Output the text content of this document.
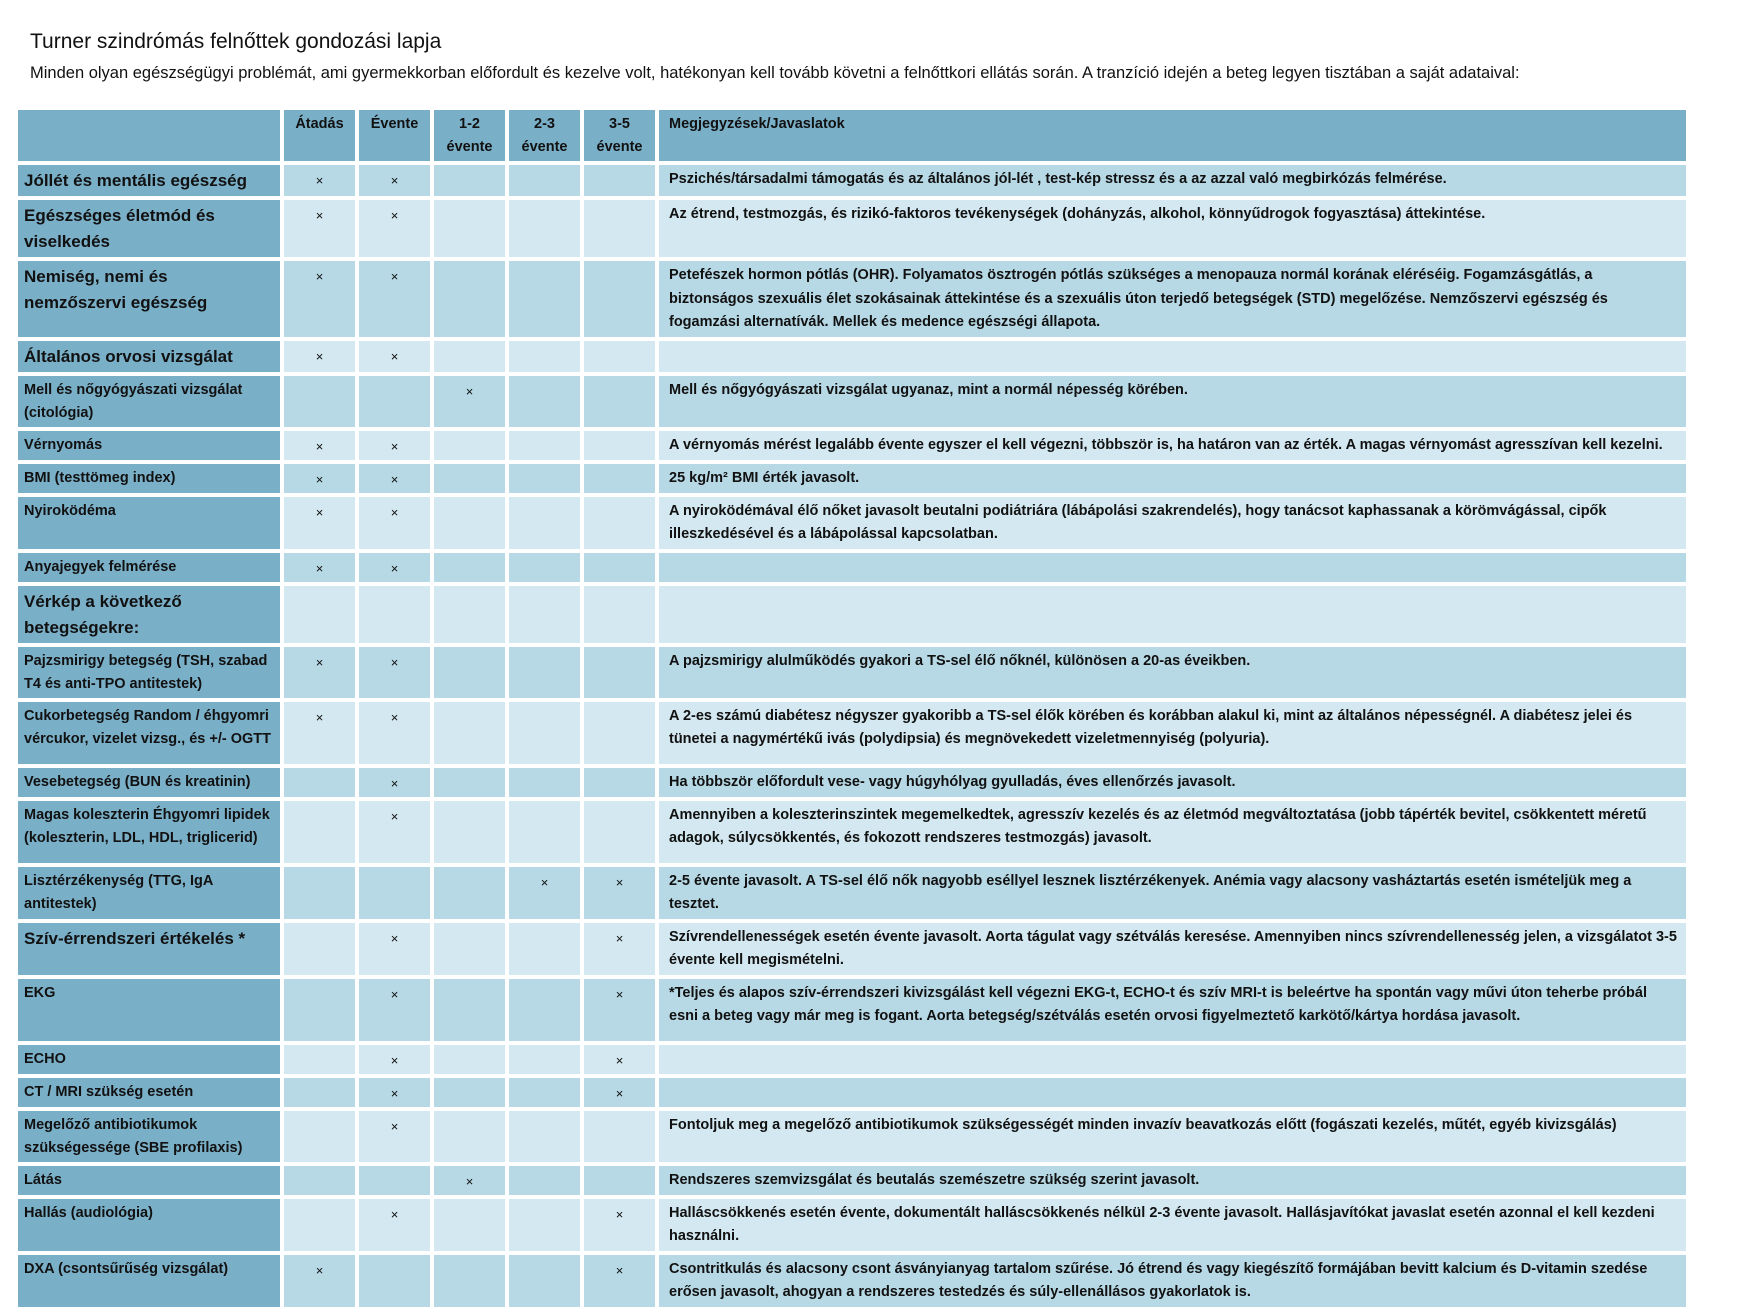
Turner szindrómás felnőttek gondozási lapja

Minden olyan egészségügyi problémát, ami gyermekkorban előfordult és kezelve volt, hatékonyan kell tovább követni a felnőttkori ellátás során. A tranzíció idején a beteg legyen tisztában a saját adataival:

	Átadás	Évente	1-2 évente	2-3 évente	3-5 évente	Megjegyzések/Javaslatok
Jóllét és mentális egészség	×	×				Pszichés/társadalmi támogatás és az általános jól-lét , test-kép stressz és a az azzal való megbirkózás felmérése.
Egészséges életmód és viselkedés	×	×				Az étrend, testmozgás, és rizikó-faktoros tevékenységek (dohányzás, alkohol, könnyűdrogok fogyasztása) áttekintése.
Nemiség, nemi és nemzőszervi egészség	×	×				Petefészek hormon pótlás (OHR). Folyamatos ösztrogén pótlás szükséges a menopauza normál korának eléréséig. Fogamzásgátlás, a biztonságos szexuális élet szokásainak áttekintése és a szexuális úton terjedő betegségek (STD) megelőzése. Nemzőszervi egészség és fogamzási alternatívák. Mellek és medence egészségi állapota.
Általános orvosi vizsgálat	×	×				
Mell és nőgyógyászati vizsgálat (citológia)			×			Mell és nőgyógyászati vizsgálat ugyanaz, mint a normál népesség körében.
Vérnyomás	×	×				A vérnyomás mérést legalább évente egyszer el kell végezni, többször is, ha határon van az érték. A magas vérnyomást agresszívan kell kezelni.
BMI (testtömeg index)	×	×				25 kg/m² BMI érték javasolt.
Nyiroködéma	×	×				A nyiroködémával élő nőket javasolt beutalni podiátriára (lábápolási szakrendelés), hogy tanácsot kaphassanak a körömvágással, cipők illeszkedésével és a lábápolással kapcsolatban.
Anyajegyek felmérése	×	×				
Vérkép a következő betegségekre:						
Pajzsmirigy betegség (TSH, szabad T4 és anti-TPO antitestek)	×	×				A pajzsmirigy alulműködés gyakori a TS-sel élő nőknél, különösen a 20-as éveikben.
Cukorbetegség Random / éhgyomri vércukor, vizelet vizsg., és +/- OGTT	×	×				A 2-es számú diabétesz négyszer gyakoribb a TS-sel élők körében és korábban alakul ki, mint az általános népességnél. A diabétesz jelei és tünetei a nagymértékű ivás (polydipsia) és megnövekedett vizeletmennyiség (polyuria).
Vesebetegség (BUN és kreatinin)		×				Ha többször előfordult vese- vagy húgyhólyag gyulladás, éves ellenőrzés javasolt.
Magas koleszterin Éhgyomri lipidek (koleszterin, LDL, HDL, triglicerid)		×				Amennyiben a koleszterinszintek megemelkedtek, agresszív kezelés és az életmód megváltoztatása (jobb tápérték bevitel, csökkentett méretű adagok, súlycsökkentés, és fokozott rendszeres testmozgás) javasolt.
Lisztérzékenység (TTG, IgA antitestek)				×	×	2-5 évente javasolt. A TS-sel élő nők nagyobb eséllyel lesznek lisztérzékenyek. Anémia vagy alacsony vasháztartás esetén ismételjük meg a tesztet.
Szív-érrendszeri értékelés *		×			×	Szívrendellenességek esetén évente javasolt. Aorta tágulat vagy szétválás keresése. Amennyiben nincs szívrendellenesség jelen, a vizsgálatot 3-5 évente kell megismételni.
EKG		×			×	*Teljes és alapos szív-érrendszeri kivizsgálást kell végezni EKG-t, ECHO-t és szív MRI-t is beleértve ha spontán vagy művi úton teherbe próbál esni a beteg vagy már meg is fogant. Aorta betegség/szétválás esetén orvosi figyelmeztető karkötő/kártya hordása javasolt.
ECHO		×			×	
CT / MRI szükség esetén		×			×	
Megelőző antibiotikumok szükségessége (SBE profilaxis)		×				Fontoljuk meg a megelőző antibiotikumok szükségességét minden invazív beavatkozás előtt (fogászati kezelés, műtét, egyéb kivizsgálás)
Látás			×			Rendszeres szemvizsgálat és beutalás szemészetre szükség szerint javasolt.
Hallás (audiológia)		×			×	Halláscsökkenés esetén évente, dokumentált halláscsökkenés nélkül 2-3 évente javasolt. Hallásjavítókat javaslat esetén azonnal el kell kezdeni használni.
DXA (csontsűrűség vizsgálat)	×				×	Csontritkulás és alacsony csont ásványianyag tartalom szűrése. Jó étrend és vagy kiegészítő formájában bevitt kalcium és D-vitamin szedése erősen javasolt, ahogyan a rendszeres testedzés és súly-ellenállásos gyakorlatok is.
